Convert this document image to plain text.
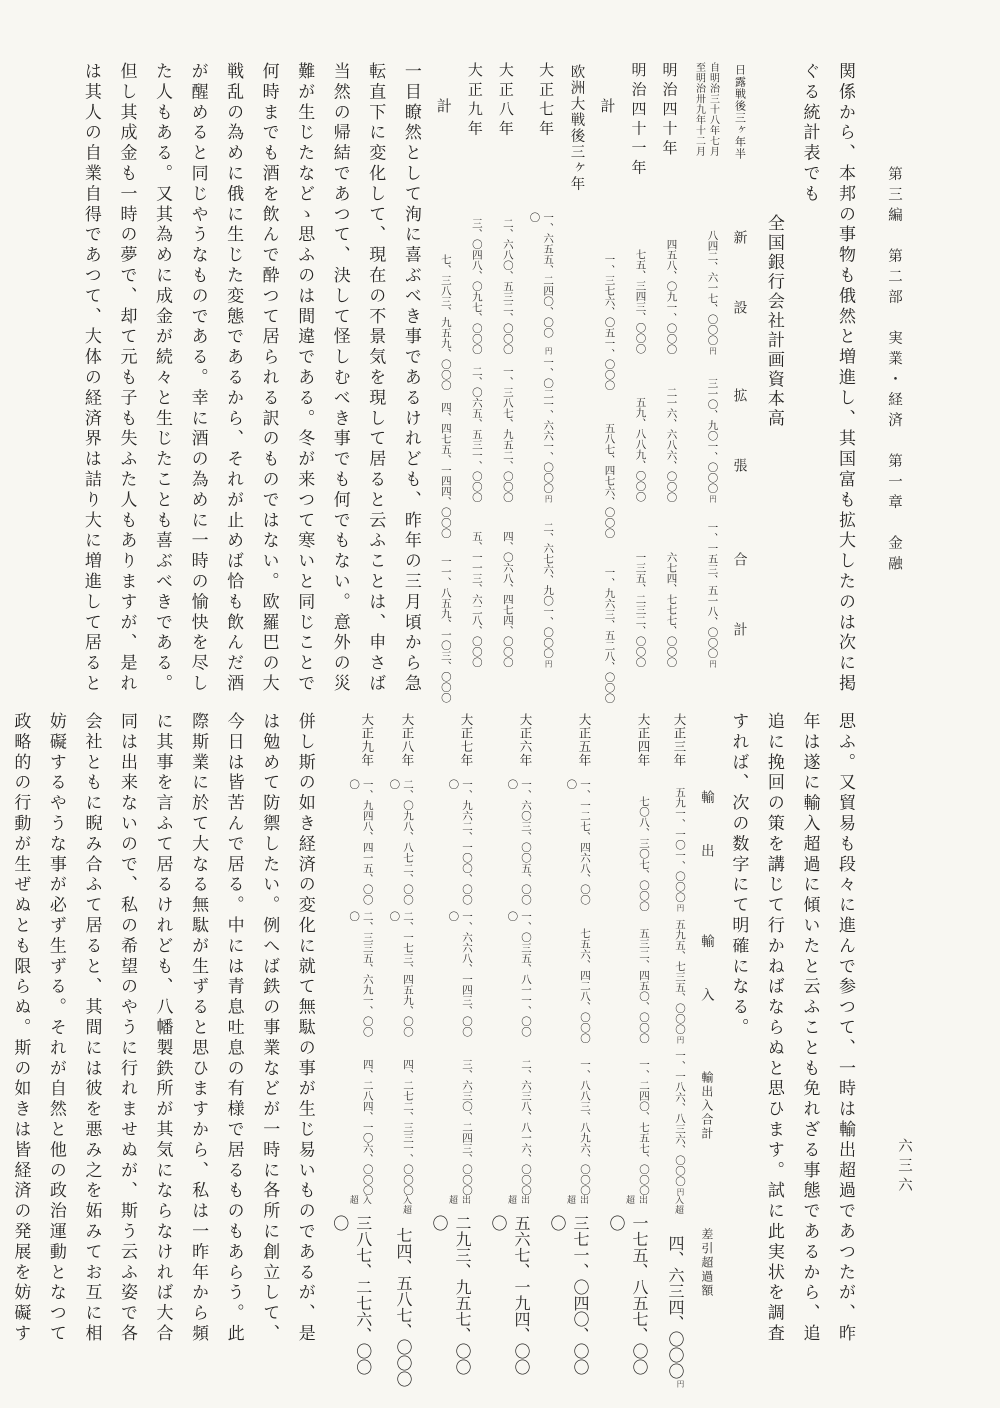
第三編　第二部　実業・経済　第一章　金融
六三六

関係から、本邦の事物も俄然と増進し、其国富も拡大したのは次に掲

ぐる統計表でも

全国銀行会社計画資本高
日露戦後三ヶ年半
新設
拡張
合計
自明治三十八年七月
至明治卅九年十二月
八四二、六一七、〇〇〇
円
三一〇、九〇一、〇〇〇
円
一、一五三、五一八、〇〇〇
円
明治四十年
四五八、〇九一、〇〇〇
二一六、六八六、〇〇〇
六七四、七七七、〇〇〇
明治四十一年
七五、三四三、〇〇〇
五九、八八九、〇〇〇
一三五、二三二、〇〇〇
計
一、三七六、〇五一、〇〇〇
五八七、四七六、〇〇〇
一、九六三、五二八、〇〇〇
欧洲大戦後三ヶ年
大正七年
一、六五五、二四〇、〇〇〇
円
一、〇二一、六六一、〇〇〇
円
二、六七六、九〇一、〇〇〇
円
大正八年
二、六八〇、五三二、〇〇〇
一、三八七、九五二、〇〇〇
四、〇六八、四七四、〇〇〇
大正九年
三、〇四八、〇九七、〇〇〇
二、〇六五、五三一、〇〇〇
五、一一三、六二八、〇〇〇
計
七、三八三、九五九、〇〇〇
四、四七五、一四四、〇〇〇
一一、八五九、一〇三、〇〇〇

一目瞭然として洵に喜ぶべき事であるけれども、昨年の三月頃から急

転直下に変化して、現在の不景気を現して居ると云ふことは、申さば

当然の帰結であつて、決して怪しむべき事でも何でもない。意外の災

難が生じたなどゝ思ふのは間違である。冬が来つて寒いと同じことで

何時までも酒を飲んで酔つて居られる訳のものではない。欧羅巴の大

戦乱の為めに俄に生じた変態であるから、それが止めば恰も飲んだ酒

が醒めると同じやうなものである。幸に酒の為めに一時の愉快を尽し

た人もある。又其為めに成金が続々と生じたことも喜ぶべきである。

但し其成金も一時の夢で、却て元も子も失ふた人もありますが、是れ

は其人の自業自得であつて、大体の経済界は詰り大に増進して居ると

思ふ。又貿易も段々に進んで参つて、一時は輸出超過であつたが、昨

年は遂に輸入超過に傾いたと云ふことも免れざる事態であるから、追

追に挽回の策を講じて行かねばならぬと思ひます。試に此実状を調査

すれば、次の数字にて明確になる。

輸出
輸入
輸出入合計
差引超過額
大正三年
五九一、一〇一、〇〇〇
円
五九五、七三五、〇〇〇
円
一、一八六、八三六、〇〇〇
円
入超
四、六三四、〇〇〇
円
大正四年
七〇八、三〇七、〇〇〇
五三二、四五〇、〇〇〇
一、二四〇、七五七、〇〇〇
出超
一七五、八五七、〇〇〇
大正五年
一、一二七、四六八、〇〇〇
七五六、四二八、〇〇〇
一、八八三、八九六、〇〇〇
出超
三七一、〇四〇、〇〇〇
大正六年
一、六〇三、〇〇五、〇〇〇
一、〇三五、八一一、〇〇〇
二、六三八、八一六、〇〇〇
出超
五六七、一九四、〇〇〇
大正七年
一、九六二、一〇〇、〇〇〇
一、六六八、一四三、〇〇〇
三、六三〇、二四三、〇〇〇
出超
二九三、九五七、〇〇〇
大正八年
二、〇九八、八七二、〇〇〇
二、一七三、四五九、〇〇〇
四、二七二、三三一、〇〇〇
入超
七四、五八七、〇〇〇
大正九年
一、九四八、四一五、〇〇〇
二、三三五、六九一、〇〇〇
四、二八四、一〇六、〇〇〇
入超
三八七、二七六、〇〇〇

併し斯の如き経済の変化に就て無駄の事が生じ易いものであるが、是

は勉めて防禦したい。例へば鉄の事業などが一時に各所に創立して、

今日は皆苦んで居る。中には青息吐息の有様で居るものもあらう。此

際斯業に於て大なる無駄が生ずると思ひますから、私は一昨年から頻

に其事を言ふて居るけれども、八幡製鉄所が其気にならなければ大合

同は出来ないので、私の希望のやうに行れませぬが、斯う云ふ姿で各

会社ともに睨み合ふて居ると、其間には彼を悪み之を妬みてお互に相

妨礙するやうな事が必ず生ずる。それが自然と他の政治運動となつて

政略的の行動が生ぜぬとも限らぬ。斯の如きは皆経済の発展を妨礙す
